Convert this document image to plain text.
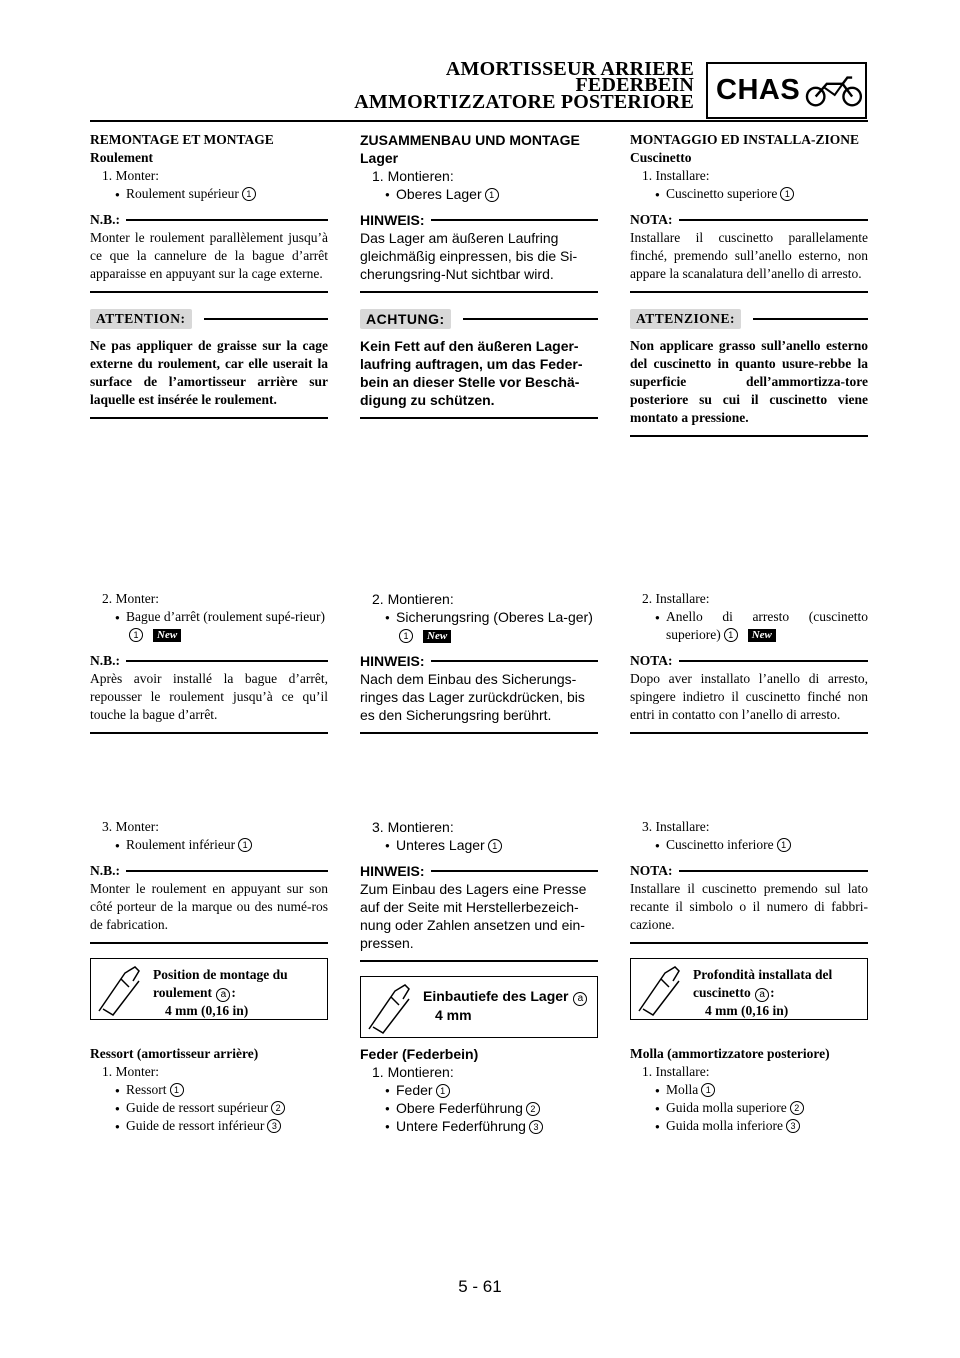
AMORTISSEUR ARRIERE
FEDERBEIN
AMMORTIZZATORE POSTERIORE CHAS
REMONTAGE ET MONTAGE
Roulement
1. Monter:
● Roulement supérieur 1
N.B.:
Monter le roulement parallèlement jusqu’à ce que la cannelure de la bague d’arrêt apparaisse en appuyant sur la cage externe.
ATTENTION:
Ne pas appliquer de graisse sur la cage externe du roulement, car elle userait la surface de l’amortisseur arrière sur laquelle est insérée le roulement.
ZUSAMMENBAU UND MONTAGE
Lager
1. Montieren:
● Oberes Lager 1
HINWEIS:
Das Lager am äußeren Laufring gleichmäßig einpressen, bis die Si-cherungsring-Nut sichtbar wird.
ACHTUNG:
Kein Fett auf den äußeren Lager-laufring auftragen, um das Feder-bein an dieser Stelle vor Beschä-digung zu schützen.
MONTAGGIO ED INSTALLA-ZIONE
Cuscinetto
1. Installare:
● Cuscinetto superiore 1
NOTA:
Installare il cuscinetto parallelamente finché, premendo sull’anello esterno, non appare la scanalatura dell’anello di arresto.
ATTENZIONE:
Non applicare grasso sull’anello esterno del cuscinetto in quanto usure-rebbe la superficie dell’ammortizza-tore posteriore su cui il cuscinetto viene montato a pressione.
2. Monter:
● Bague d’arrêt (roulement supé-rieur)1 New
N.B.:
Après avoir installé la bague d’arrêt, repousser le roulement jusqu’à ce qu’il touche la bague d’arrêt.
2. Montieren:
● Sicherungsring (Oberes La-ger)1 New
HINWEIS:
Nach dem Einbau des Sicherungs-ringes das Lager zurückdrücken, bis es den Sicherungsring berührt.
2. Installare:
● Anello di arresto (cuscinetto superiore) 1 New
NOTA:
Dopo aver installato l’anello di arresto, spingere indietro il cuscinetto finché non entri in contatto con l’anello di arresto.
3. Monter:
● Roulement inférieur 1
N.B.:
Monter le roulement en appuyant sur son côté porteur de la marque ou des numé-ros de fabrication.
Position de montage du roulement a :
4 mm (0,16 in)
3. Montieren:
● Unteres Lager 1
HINWEIS:
Zum Einbau des Lagers eine Presse auf der Seite mit Herstellerbezeich-nung oder Zahlen ansetzen und ein-pressen.
Einbautiefe des Lager a
4 mm
3. Installare:
● Cuscinetto inferiore 1
NOTA:
Installare il cuscinetto premendo sul lato recante il simbolo o il numero di fabbri-cazione.
Profondità installata del cuscinetto a :
4 mm (0,16 in)
Ressort (amortisseur arrière)
1. Monter:
● Ressort 1
● Guide de ressort supérieur 2
● Guide de ressort inférieur 3
Feder (Federbein)
1. Montieren:
● Feder 1
● Obere Federführung 2
● Untere Federführung 3
Molla (ammortizzatore posteriore)
1. Installare:
● Molla 1
● Guida molla superiore 2
● Guida molla inferiore 3
5 - 61
